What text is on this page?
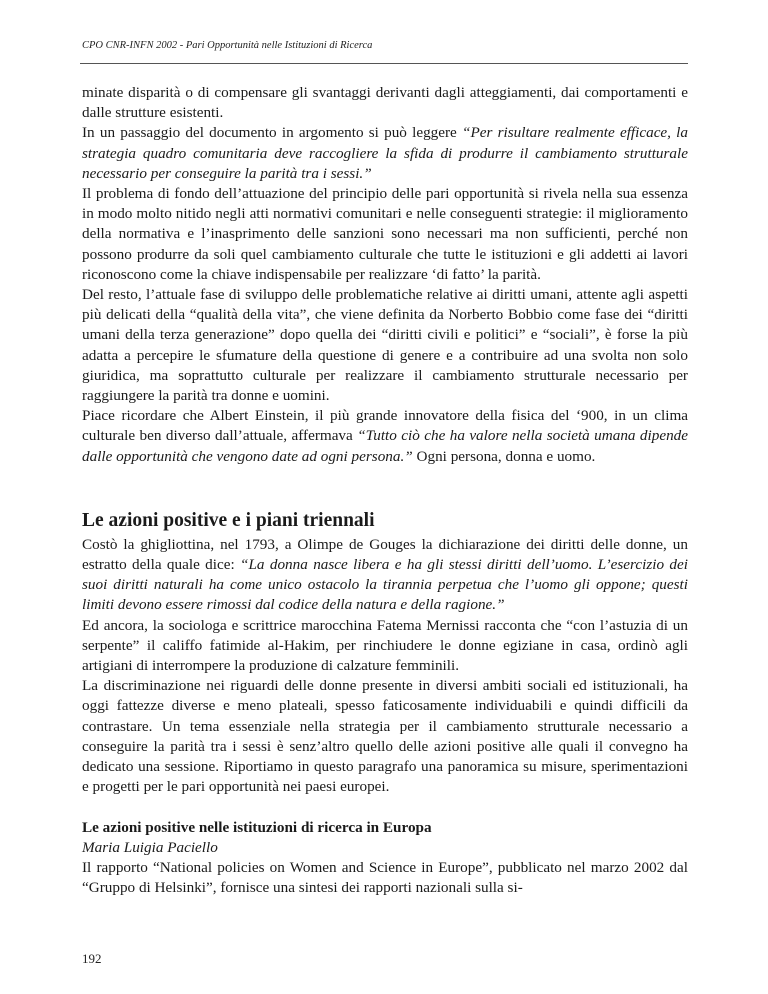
CPO CNR-INFN 2002 - Pari Opportunità nelle Istituzioni di Ricerca

minate disparità o di compensare gli svantaggi derivanti dagli atteggiamenti, dai comportamenti e dalle strutture esistenti.

In un passaggio del documento in argomento si può leggere “Per risultare realmente efficace, la strategia quadro comunitaria deve raccogliere la sfida di produrre il cambiamento strutturale necessario per conseguire la parità tra i sessi.”

Il problema di fondo dell’attuazione del principio delle pari opportunità si rivela nella sua essenza in modo molto nitido negli atti normativi comunitari e nelle conseguenti strategie: il miglioramento della normativa e l’inasprimento delle sanzioni sono necessari ma non sufficienti, perché non possono produrre da soli quel cambiamento culturale che tutte le istituzioni e gli addetti ai lavori riconoscono come la chiave indispensabile per realizzare ‘di fatto’ la parità.

Del resto, l’attuale fase di sviluppo delle problematiche relative ai diritti umani, attente agli aspetti più delicati della “qualità della vita”, che viene definita da Norberto Bobbio come fase dei “diritti umani della terza generazione” dopo quella dei “diritti civili e politici” e “sociali”, è forse la più adatta a percepire le sfumature della questione di genere e a contribuire ad una svolta non solo giuridica, ma soprattutto culturale per realizzare il cambiamento strutturale necessario per raggiungere la parità tra donne e uomini.

Piace ricordare che Albert Einstein, il più grande innovatore della fisica del ‘900, in un clima culturale ben diverso dall’attuale, affermava “Tutto ciò che ha valore nella società umana dipende dalle opportunità che vengono date ad ogni persona.” Ogni persona, donna e uomo.

Le azioni positive e i piani triennali

Costò la ghigliottina, nel 1793, a Olimpe de Gouges la dichiarazione dei diritti delle donne, un estratto della quale dice: “La donna nasce libera e ha gli stessi diritti dell’uomo. L’esercizio dei suoi diritti naturali ha come unico ostacolo la tirannia perpetua che l’uomo gli oppone; questi limiti devono essere rimossi dal codice della natura e della ragione.”

Ed ancora, la sociologa e scrittrice marocchina Fatema Mernissi racconta che “con l’astuzia di un serpente” il califfo fatimide al-Hakim, per rinchiudere le donne egiziane in casa, ordinò agli artigiani di interrompere la produzione di calzature femminili.

La discriminazione nei riguardi delle donne presente in diversi ambiti sociali ed istituzionali, ha oggi fattezze diverse e meno plateali, spesso faticosamente individuabili e quindi difficili da contrastare. Un tema essenziale nella strategia per il cambiamento strutturale necessario a conseguire la parità tra i sessi è senz’altro quello delle azioni positive alle quali il convegno ha dedicato una sessione. Riportiamo in questo paragrafo una panoramica su misure, sperimentazioni e progetti per le pari opportunità nei paesi europei.

Le azioni positive nelle istituzioni di ricerca in Europa

Maria Luigia Paciello

Il rapporto “National policies on Women and Science in Europe”, pubblicato nel marzo 2002 dal “Gruppo di Helsinki”, fornisce una sintesi dei rapporti nazionali sulla si-

192
